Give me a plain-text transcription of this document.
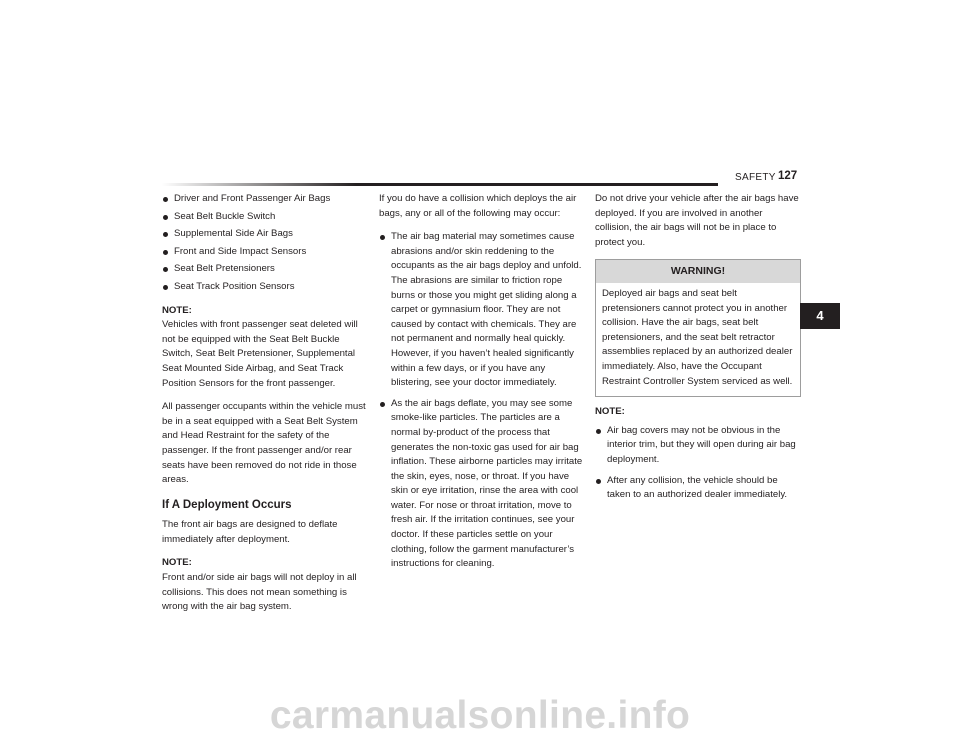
SAFETY 127
Driver and Front Passenger Air Bags
Seat Belt Buckle Switch
Supplemental Side Air Bags
Front and Side Impact Sensors
Seat Belt Pretensioners
Seat Track Position Sensors

NOTE:

Vehicles with front passenger seat deleted will not be equipped with the Seat Belt Buckle Switch, Seat Belt Pretensioner, Supplemental Seat Mounted Side Airbag, and Seat Track Position Sensors for the front passenger.

All passenger occupants within the vehicle must be in a seat equipped with a Seat Belt System and Head Restraint for the safety of the passenger. If the front passenger and/or rear seats have been removed do not ride in those areas.

If A Deployment Occurs

The front air bags are designed to deflate immediately after deployment.

NOTE:

Front and/or side air bags will not deploy in all collisions. This does not mean something is wrong with the air bag system.

If you do have a collision which deploys the air bags, any or all of the following may occur:

The air bag material may sometimes cause abrasions and/or skin reddening to the occupants as the air bags deploy and unfold. The abrasions are similar to friction rope burns or those you might get sliding along a carpet or gymnasium floor. They are not caused by contact with chemicals. They are not permanent and normally heal quickly. However, if you haven’t healed significantly within a few days, or if you have any blistering, see your doctor immediately.
As the air bags deflate, you may see some smoke-like particles. The particles are a normal by-product of the process that generates the non-toxic gas used for air bag inflation. These airborne particles may irritate the skin, eyes, nose, or throat. If you have skin or eye irritation, rinse the area with cool water. For nose or throat irritation, move to fresh air. If the irritation continues, see your doctor. If these particles settle on your clothing, follow the garment manufacturer’s instructions for cleaning.

Do not drive your vehicle after the air bags have deployed. If you are involved in another collision, the air bags will not be in place to protect you.

WARNING!
Deployed air bags and seat belt pretensioners cannot protect you in another collision. Have the air bags, seat belt pretensioners, and the seat belt retractor assemblies replaced by an authorized dealer immediately. Also, have the Occupant Restraint Controller System serviced as well.

NOTE:

Air bag covers may not be obvious in the interior trim, but they will open during air bag deployment.
After any collision, the vehicle should be taken to an authorized dealer immediately.
4
carmanualsonline.info
